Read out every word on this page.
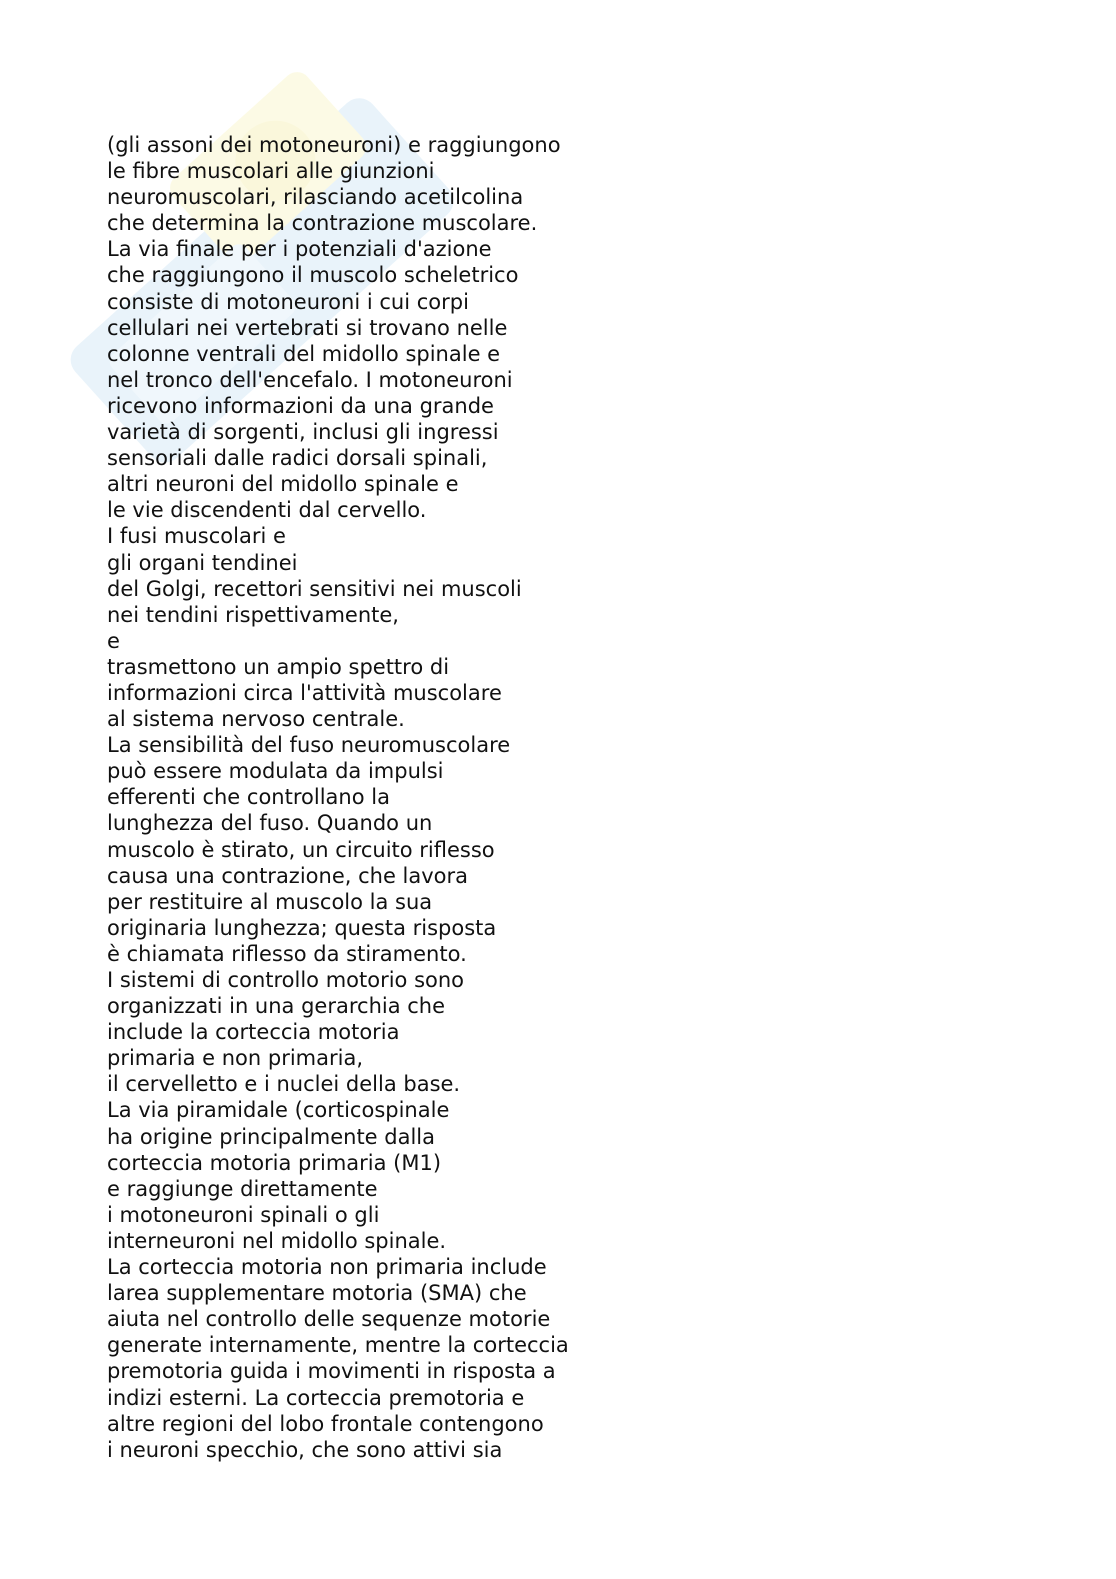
(gli assoni dei motoneuroni) e raggiungono
le fibre muscolari alle giunzioni
neuromuscolari, rilasciando acetilcolina
che determina la contrazione muscolare.
La via finale per i potenziali d'azione
che raggiungono il muscolo scheletrico
consiste di motoneuroni i cui corpi
cellulari nei vertebrati si trovano nelle
colonne ventrali del midollo spinale e
nel tronco dell'encefalo. I motoneuroni
ricevono informazioni da una grande
varietà di sorgenti, inclusi gli ingressi
sensoriali dalle radici dorsali spinali,
altri neuroni del midollo spinale e
le vie discendenti dal cervello.
I fusi muscolari e
gli organi tendinei
del Golgi, recettori sensitivi nei muscoli
nei tendini rispettivamente,
e
trasmettono un ampio spettro di
informazioni circa l'attività muscolare
al sistema nervoso centrale.
La sensibilità del fuso neuromuscolare
può essere modulata da impulsi
efferenti che controllano la
lunghezza del fuso. Quando un
muscolo è stirato, un circuito riflesso
causa una contrazione, che lavora
per restituire al muscolo la sua
originaria lunghezza; questa risposta
è chiamata riflesso da stiramento.
I sistemi di controllo motorio sono
organizzati in una gerarchia che
include la corteccia motoria
primaria e non primaria,
il cervelletto e i nuclei della base.
La via piramidale (corticospinale
ha origine principalmente dalla
corteccia motoria primaria (M1)
e raggiunge direttamente
i motoneuroni spinali o gli
interneuroni nel midollo spinale.
La corteccia motoria non primaria include
larea supplementare motoria (SMA) che
aiuta nel controllo delle sequenze motorie
generate internamente, mentre la corteccia
premotoria guida i movimenti in risposta a
indizi esterni. La corteccia premotoria e
altre regioni del lobo frontale contengono
i neuroni specchio, che sono attivi sia
